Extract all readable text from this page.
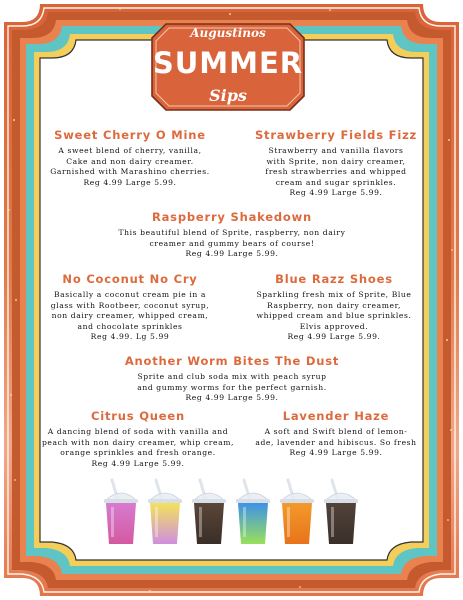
Augustinos
SUMMER
Sips
Sweet Cherry O Mine
A sweet blend of cherry, vanilla,
Cake and non dairy creamer.
Garnished with Marashino cherries.
Reg 4.99 Large 5.99.
Strawberry Fields Fizz
Strawberry and vanilla flavors
with Sprite, non dairy creamer,
fresh strawberries and whipped
cream and sugar sprinkles.
Reg 4.99 Large 5.99.
Raspberry Shakedown
This beautiful blend of Sprite, raspberry, non dairy
creamer and gummy bears of course!
Reg 4.99 Large 5.99.
No Coconut No Cry
Basically a coconut cream pie in a
glass with Rootbeer, coconut syrup,
non dairy creamer, whipped cream,
and chocolate sprinkles
Reg 4.99. Lg 5.99
Blue Razz Shoes
Sparkling fresh mix of Sprite, Blue
Raspberry, non dairy creamer,
whipped cream and blue sprinkles.
Elvis approved.
Reg 4.99 Large 5.99.
Another Worm Bites The Dust
Sprite and club soda mix with peach syrup
and gummy worms for the perfect garnish.
Reg 4.99 Large 5.99.
Citrus Queen
A dancing blend of soda with vanilla and
peach with non dairy creamer, whip cream,
orange sprinkles and fresh orange.
Reg 4.99 Large 5.99.
Lavender Haze
A soft and Swift blend of lemon-
ade, lavender and hibiscus. So fresh
Reg 4.99 Large 5.99.
